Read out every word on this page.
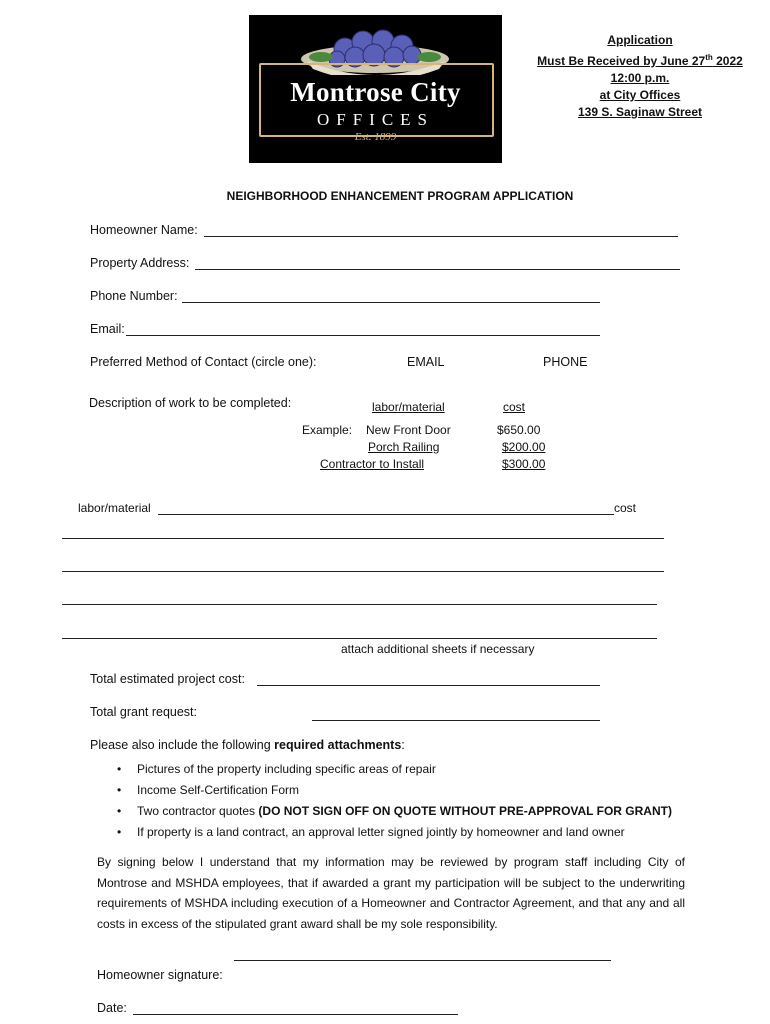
Montrose City
OFFICES
Est. 1899
Application
Must Be Received by June 27th 2022
12:00 p.m.
at City Offices
139 S. Saginaw Street
NEIGHBORHOOD ENHANCEMENT PROGRAM APPLICATION
Homeowner Name:
Property Address:
Phone Number:
Email:
Preferred Method of Contact (circle one):	EMAIL	PHONE
Description of work to be completed:	labor/material	cost
Example: New Front Door	$650.00
Porch Railing	$200.00
Contractor to Install	$300.00
labor/material	cost
attach additional sheets if necessary
Total estimated project cost:
Total grant request:
Please also include the following required attachments:
• Pictures of the property including specific areas of repair
• Income Self-Certification Form
• Two contractor quotes (DO NOT SIGN OFF ON QUOTE WITHOUT PRE-APPROVAL FOR GRANT)
• If property is a land contract, an approval letter signed jointly by homeowner and land owner
By signing below I understand that my information may be reviewed by program staff including City of Montrose and MSHDA employees, that if awarded a grant my participation will be subject to the underwriting requirements of MSHDA including execution of a Homeowner and Contractor Agreement, and that any and all costs in excess of the stipulated grant award shall be my sole responsibility.
Homeowner signature:
Date:
